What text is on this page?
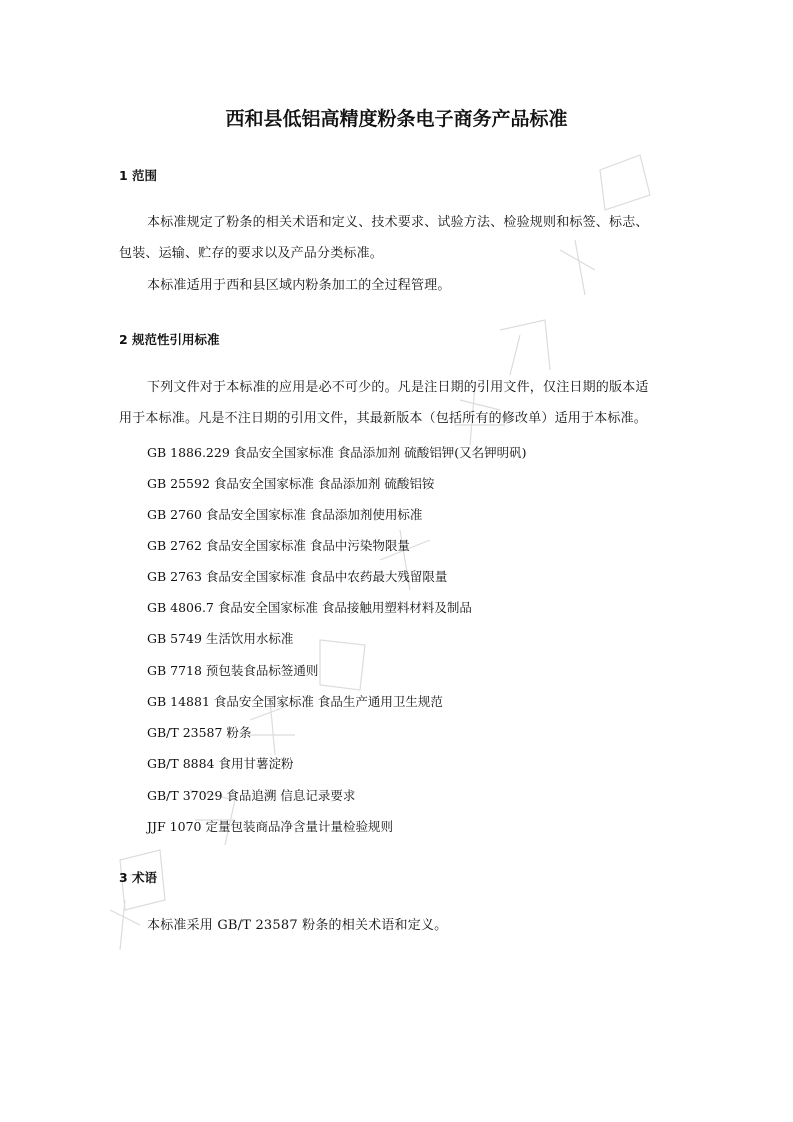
西和县低铝高精度粉条电子商务产品标准
1 范围
本标准规定了粉条的相关术语和定义、技术要求、试验方法、检验规则和标签、标志、
包装、运输、贮存的要求以及产品分类标准。
本标准适用于西和县区域内粉条加工的全过程管理。
2 规范性引用标准
下列文件对于本标准的应用是必不可少的。凡是注日期的引用文件，仅注日期的版本适
用于本标准。凡是不注日期的引用文件，其最新版本（包括所有的修改单）适用于本标准。
GB 1886.229 食品安全国家标准 食品添加剂 硫酸铝钾(又名钾明矾)
GB 25592 食品安全国家标准 食品添加剂 硫酸铝铵
GB 2760 食品安全国家标准 食品添加剂使用标准
GB 2762 食品安全国家标准 食品中污染物限量
GB 2763 食品安全国家标准 食品中农药最大残留限量
GB 4806.7 食品安全国家标准 食品接触用塑料材料及制品
GB 5749 生活饮用水标准
GB 7718 预包装食品标签通则
GB 14881 食品安全国家标准 食品生产通用卫生规范
GB/T 23587 粉条
GB/T 8884 食用甘薯淀粉
GB/T 37029 食品追溯 信息记录要求
JJF 1070 定量包装商品净含量计量检验规则
3 术语
本标准采用 GB/T 23587 粉条的相关术语和定义。
